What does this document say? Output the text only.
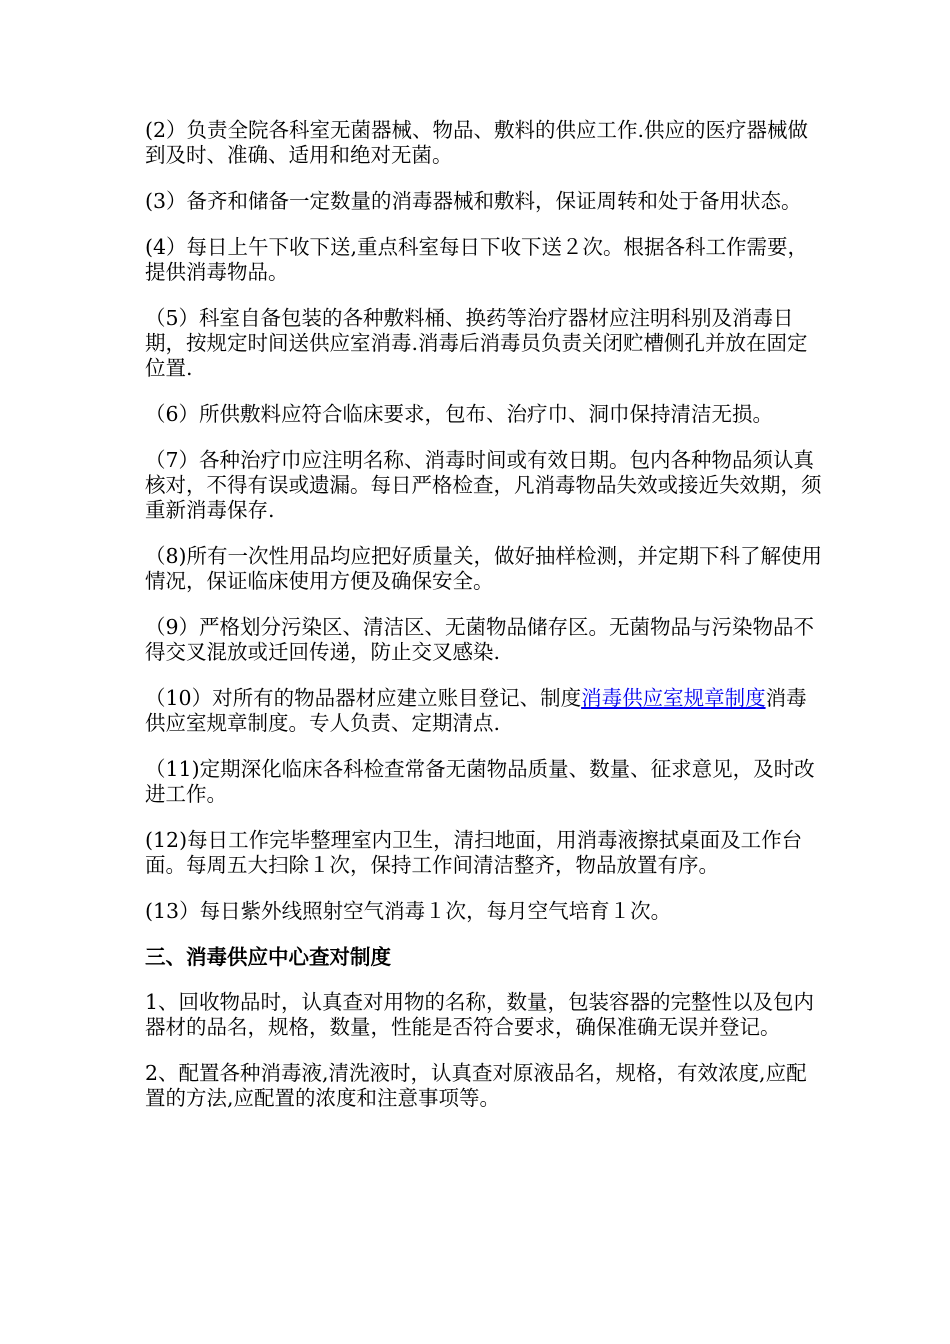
(2）负责全院各科室无菌器械、物品、敷料的供应工作.供应的医疗器械做到及时、准确、适用和绝对无菌。

(3）备齐和储备一定数量的消毒器械和敷料，保证周转和处于备用状态。

(4）每日上午下收下送,重点科室每日下收下送２次。根据各科工作需要，提供消毒物品。

（5）科室自备包装的各种敷料桶、换药等治疗器材应注明科别及消毒日期，按规定时间送供应室消毒.消毒后消毒员负责关闭贮槽侧孔并放在固定位置.

（6）所供敷料应符合临床要求，包布、治疗巾、洞巾保持清洁无损。

（7）各种治疗巾应注明名称、消毒时间或有效日期。包内各种物品须认真核对，不得有误或遗漏。每日严格检查，凡消毒物品失效或接近失效期，须重新消毒保存.

（8)所有一次性用品均应把好质量关，做好抽样检测，并定期下科了解使用情况，保证临床使用方便及确保安全。

（9）严格划分污染区、清洁区、无菌物品储存区。无菌物品与污染物品不得交叉混放或迁回传递，防止交叉感染.

（10）对所有的物品器材应建立账目登记、制度消毒供应室规章制度消毒供应室规章制度。专人负责、定期清点.

（11)定期深化临床各科检查常备无菌物品质量、数量、征求意见，及时改进工作。

(12)每日工作完毕整理室内卫生，清扫地面，用消毒液擦拭桌面及工作台面。每周五大扫除１次，保持工作间清洁整齐，物品放置有序。

(13）每日紫外线照射空气消毒１次，每月空气培育１次。

三、消毒供应中心查对制度

1、回收物品时，认真查对用物的名称，数量，包装容器的完整性以及包内器材的品名，规格，数量，性能是否符合要求，确保准确无误并登记。

2、配置各种消毒液,清洗液时，认真查对原液品名，规格，有效浓度,应配置的方法,应配置的浓度和注意事项等。
